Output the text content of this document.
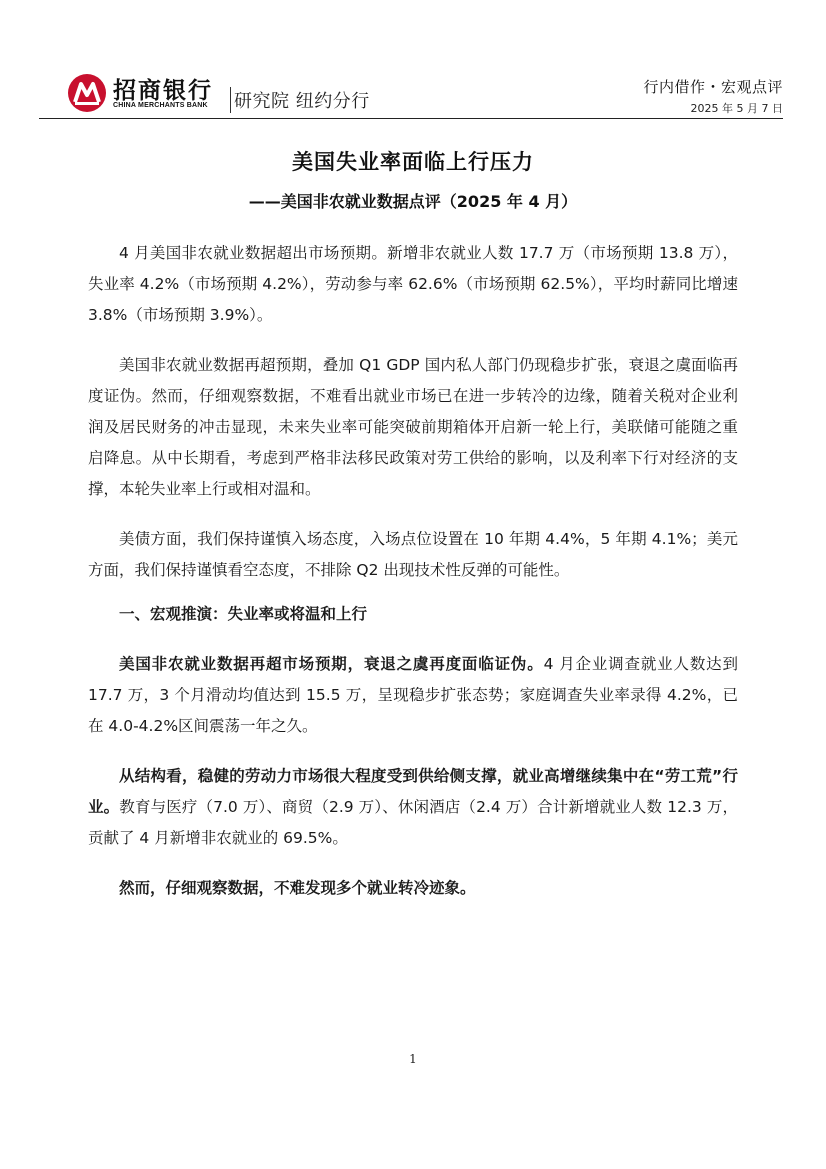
招商银行
CHINA MERCHANTS BANK 研究院 纽约分行
行内借作・宏观点评
2025 年 5 月 7 日
美国失业率面临上行压力
——美国非农就业数据点评（2025 年 4 月）

4 月美国非农就业数据超出市场预期。新增非农就业人数 17.7 万（市场预期 13.8 万），失业率 4.2%（市场预期 4.2%），劳动参与率 62.6%（市场预期 62.5%），平均时薪同比增速 3.8%（市场预期 3.9%）。

美国非农就业数据再超预期，叠加 Q1 GDP 国内私人部门仍现稳步扩张，衰退之虞面临再度证伪。然而，仔细观察数据，不难看出就业市场已在进一步转冷的边缘，随着关税对企业利润及居民财务的冲击显现，未来失业率可能突破前期箱体开启新一轮上行，美联储可能随之重启降息。从中长期看，考虑到严格非法移民政策对劳工供给的影响，以及利率下行对经济的支撑，本轮失业率上行或相对温和。

美债方面，我们保持谨慎入场态度，入场点位设置在 10 年期 4.4%，5 年期 4.1%；美元方面，我们保持谨慎看空态度，不排除 Q2 出现技术性反弹的可能性。

一、宏观推演：失业率或将温和上行

美国非农就业数据再超市场预期，衰退之虞再度面临证伪。4 月企业调查就业人数达到 17.7 万，3 个月滑动均值达到 15.5 万，呈现稳步扩张态势；家庭调查失业率录得 4.2%，已在 4.0-4.2%区间震荡一年之久。

从结构看，稳健的劳动力市场很大程度受到供给侧支撑，就业高增继续集中在“劳工荒”行业。教育与医疗（7.0 万）、商贸（2.9 万）、休闲酒店（2.4 万）合计新增就业人数 12.3 万，贡献了 4 月新增非农就业的 69.5%。

然而，仔细观察数据，不难发现多个就业转冷迹象。

1
